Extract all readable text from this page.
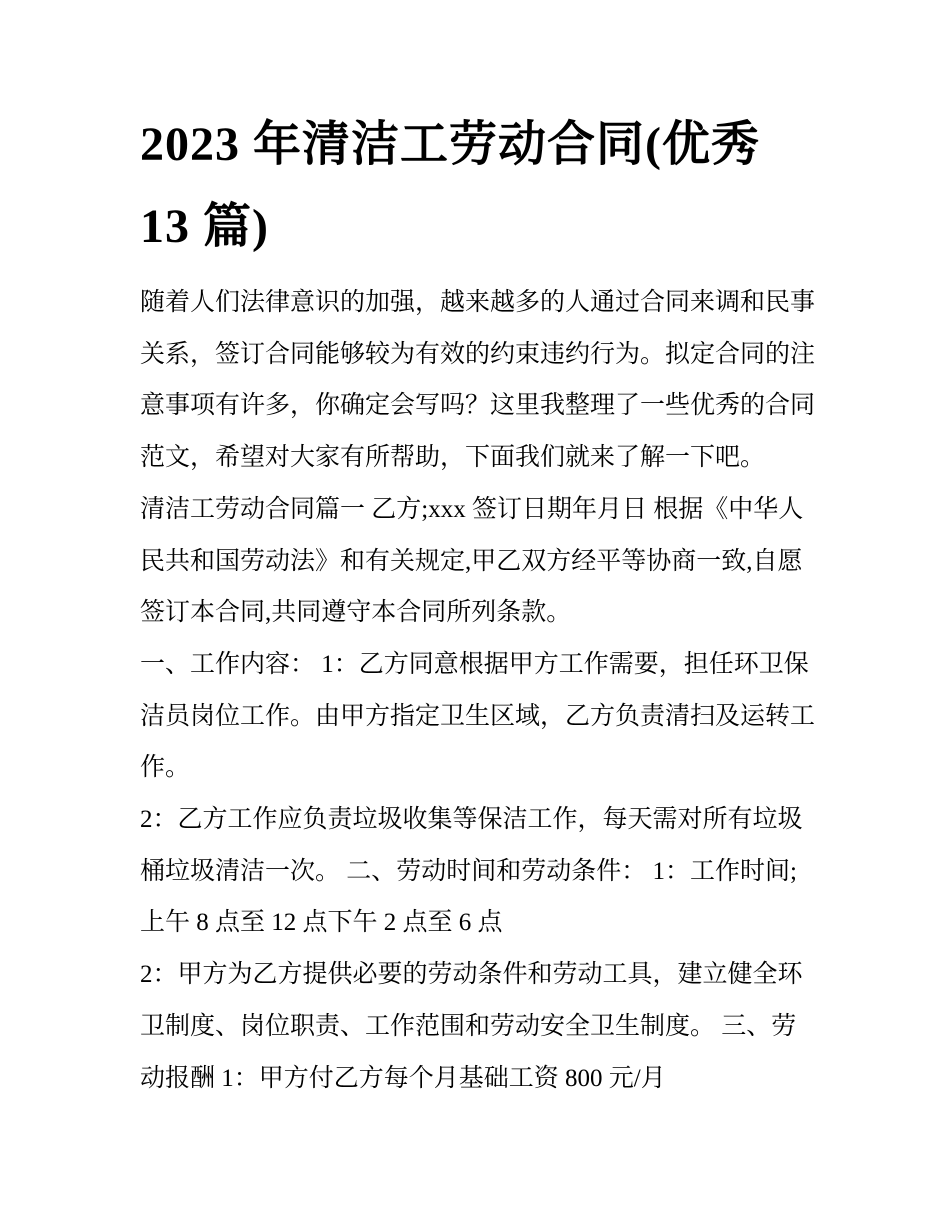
2023 年清洁工劳动合同(优秀
13 篇)

随着人们法律意识的加强，越来越多的人通过合同来调和民事
关系，签订合同能够较为有效的约束违约行为。拟定合同的注
意事项有许多，你确定会写吗？这里我整理了一些优秀的合同
范文，希望对大家有所帮助，下面我们就来了解一下吧。

清洁工劳动合同篇一 乙方;xxx 签订日期年月日 根据《中华人
民共和国劳动法》和有关规定,甲乙双方经平等协商一致,自愿
签订本合同,共同遵守本合同所列条款。

一、工作内容： 1：乙方同意根据甲方工作需要，担任环卫保
洁员岗位工作。由甲方指定卫生区域，乙方负责清扫及运转工
作。

2：乙方工作应负责垃圾收集等保洁工作，每天需对所有垃圾
桶垃圾清洁一次。 二、劳动时间和劳动条件： 1：工作时间;
上午 8 点至 12 点下午 2 点至 6 点

2：甲方为乙方提供必要的劳动条件和劳动工具，建立健全环
卫制度、岗位职责、工作范围和劳动安全卫生制度。 三、劳
动报酬 1：甲方付乙方每个月基础工资 800 元/月
